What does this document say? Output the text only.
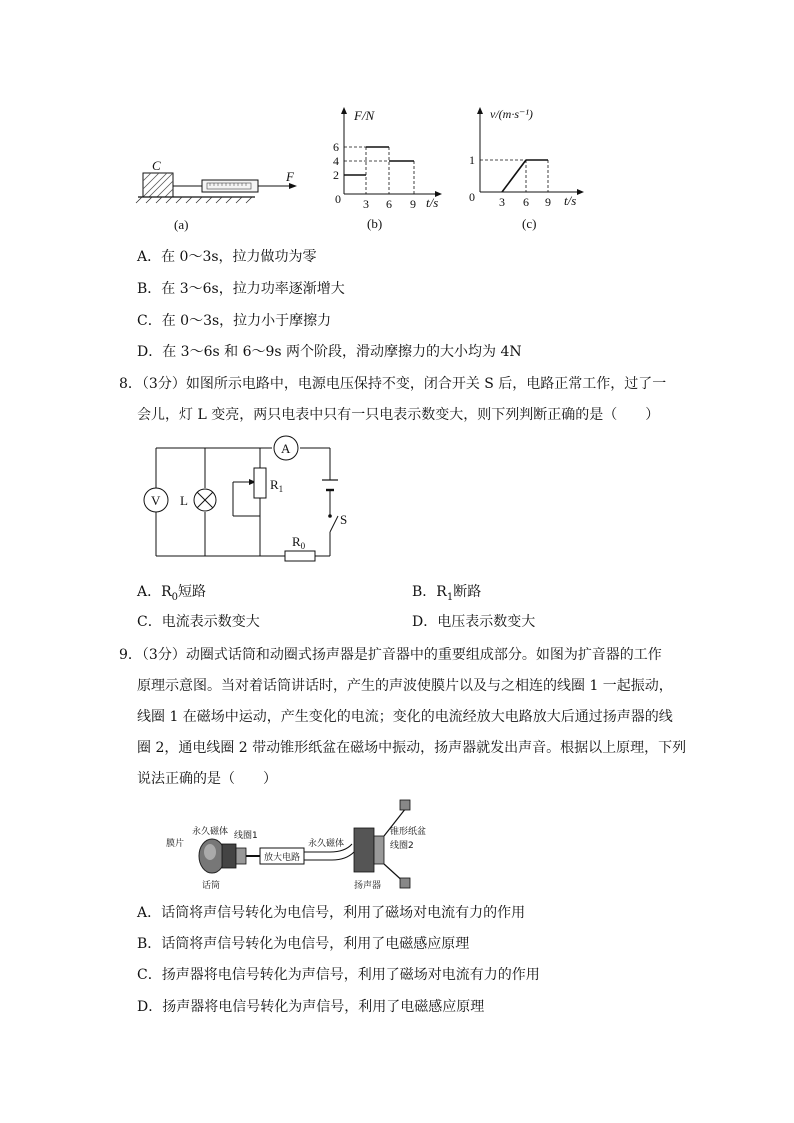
C
F
(a)
F/N
6
4
2
0 3 6 9 t/s
(b)
v/(m·s⁻¹)
1
0 3 6 9 t/s
(c)
A．在 0～3s，拉力做功为零
B．在 3～6s，拉力功率逐渐增大
C．在 0～3s，拉力小于摩擦力
D．在 3～6s 和 6～9s 两个阶段，滑动摩擦力的大小均为 4N
8．（3分）如图所示电路中，电源电压保持不变，闭合开关 S 后，电路正常工作，过了一
会儿，灯 L 变亮，两只电表中只有一只电表示数变大，则下列判断正确的是（　　）
V L
A
$R_1$
$R_0$
S
A．$R_0$短路	B．$R_1$断路
C．电流表示数变大	D．电压表示数变大
9．（3分）动圈式话筒和动圈式扬声器是扩音器中的重要组成部分。如图为扩音器的工作
原理示意图。当对着话筒讲话时，产生的声波使膜片以及与之相连的线圈 1 一起振动，
线圈 1 在磁场中运动，产生变化的电流；变化的电流经放大电路放大后通过扬声器的线
圈 2，通电线圈 2 带动锥形纸盆在磁场中振动，扬声器就发出声音。根据以上原理，下列
说法正确的是（　　）
膜片
永久磁体 线圈1
话筒
放大电路
永久磁体
锥形纸盆
线圈2
扬声器
A．话筒将声信号转化为电信号，利用了磁场对电流有力的作用
B．话筒将声信号转化为电信号，利用了电磁感应原理
C．扬声器将电信号转化为声信号，利用了磁场对电流有力的作用
D．扬声器将电信号转化为声信号，利用了电磁感应原理
